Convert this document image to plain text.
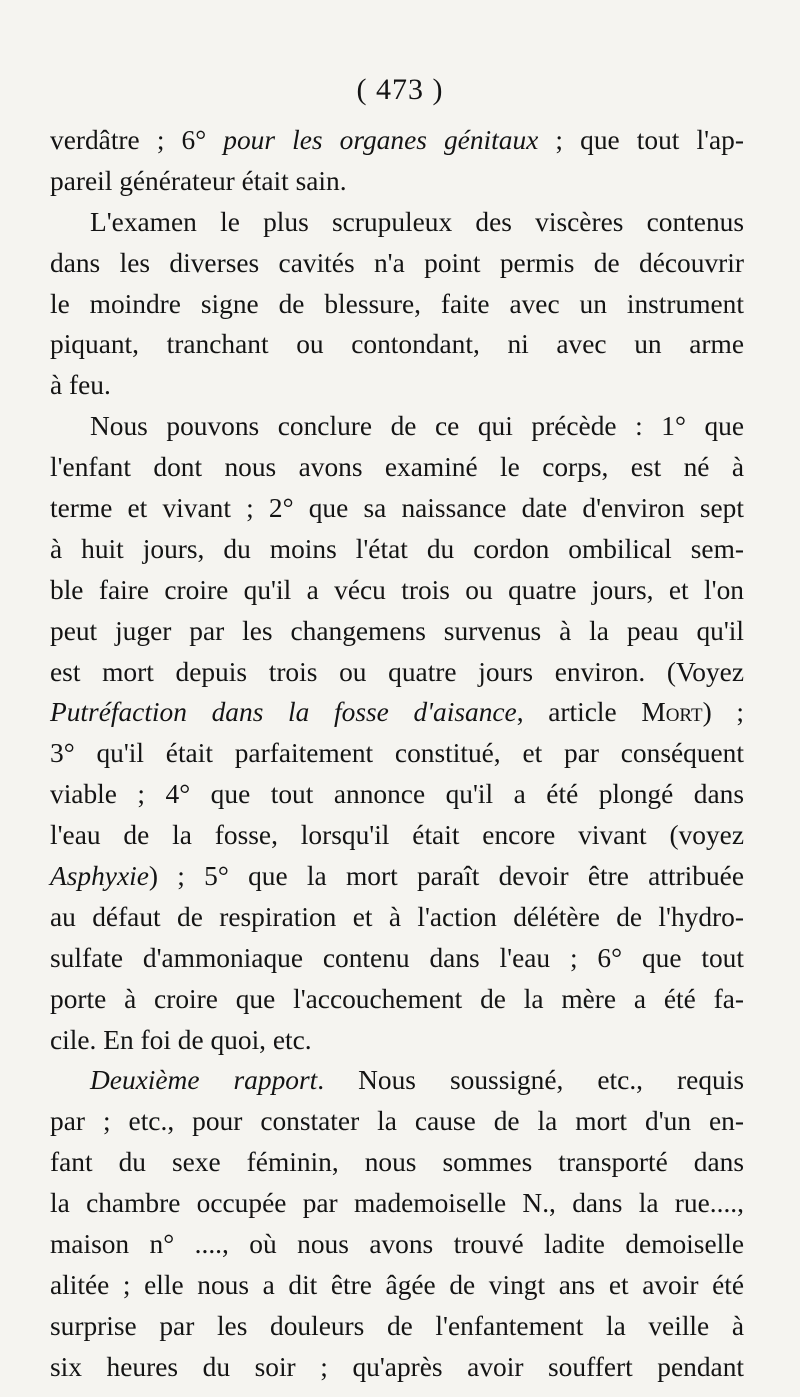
( 473 )
verdâtre ; 6° pour les organes génitaux ; que tout l'ap-
pareil générateur était sain.
L'examen le plus scrupuleux des viscères contenus
dans les diverses cavités n'a point permis de découvrir
le moindre signe de blessure, faite avec un instrument
piquant, tranchant ou contondant, ni avec un arme
à feu.
Nous pouvons conclure de ce qui précède : 1° que
l'enfant dont nous avons examiné le corps, est né à
terme et vivant ; 2° que sa naissance date d'environ sept
à huit jours, du moins l'état du cordon ombilical sem-
ble faire croire qu'il a vécu trois ou quatre jours, et l'on
peut juger par les changemens survenus à la peau qu'il
est mort depuis trois ou quatre jours environ. (Voyez
Putréfaction dans la fosse d'aisance, article Mort) ;
3° qu'il était parfaitement constitué, et par conséquent
viable ; 4° que tout annonce qu'il a été plongé dans
l'eau de la fosse, lorsqu'il était encore vivant (voyez
Asphyxie) ; 5° que la mort paraît devoir être attribuée
au défaut de respiration et à l'action délétère de l'hydro-
sulfate d'ammoniaque contenu dans l'eau ; 6° que tout
porte à croire que l'accouchement de la mère a été fa-
cile. En foi de quoi, etc.
Deuxième rapport. Nous soussigné, etc., requis
par ; etc., pour constater la cause de la mort d'un en-
fant du sexe féminin, nous sommes transporté dans
la chambre occupée par mademoiselle N., dans la rue....,
maison n° ...., où nous avons trouvé ladite demoiselle
alitée ; elle nous a dit être âgée de vingt ans et avoir été
surprise par les douleurs de l'enfantement la veille à
six heures du soir ; qu'après avoir souffert pendant
